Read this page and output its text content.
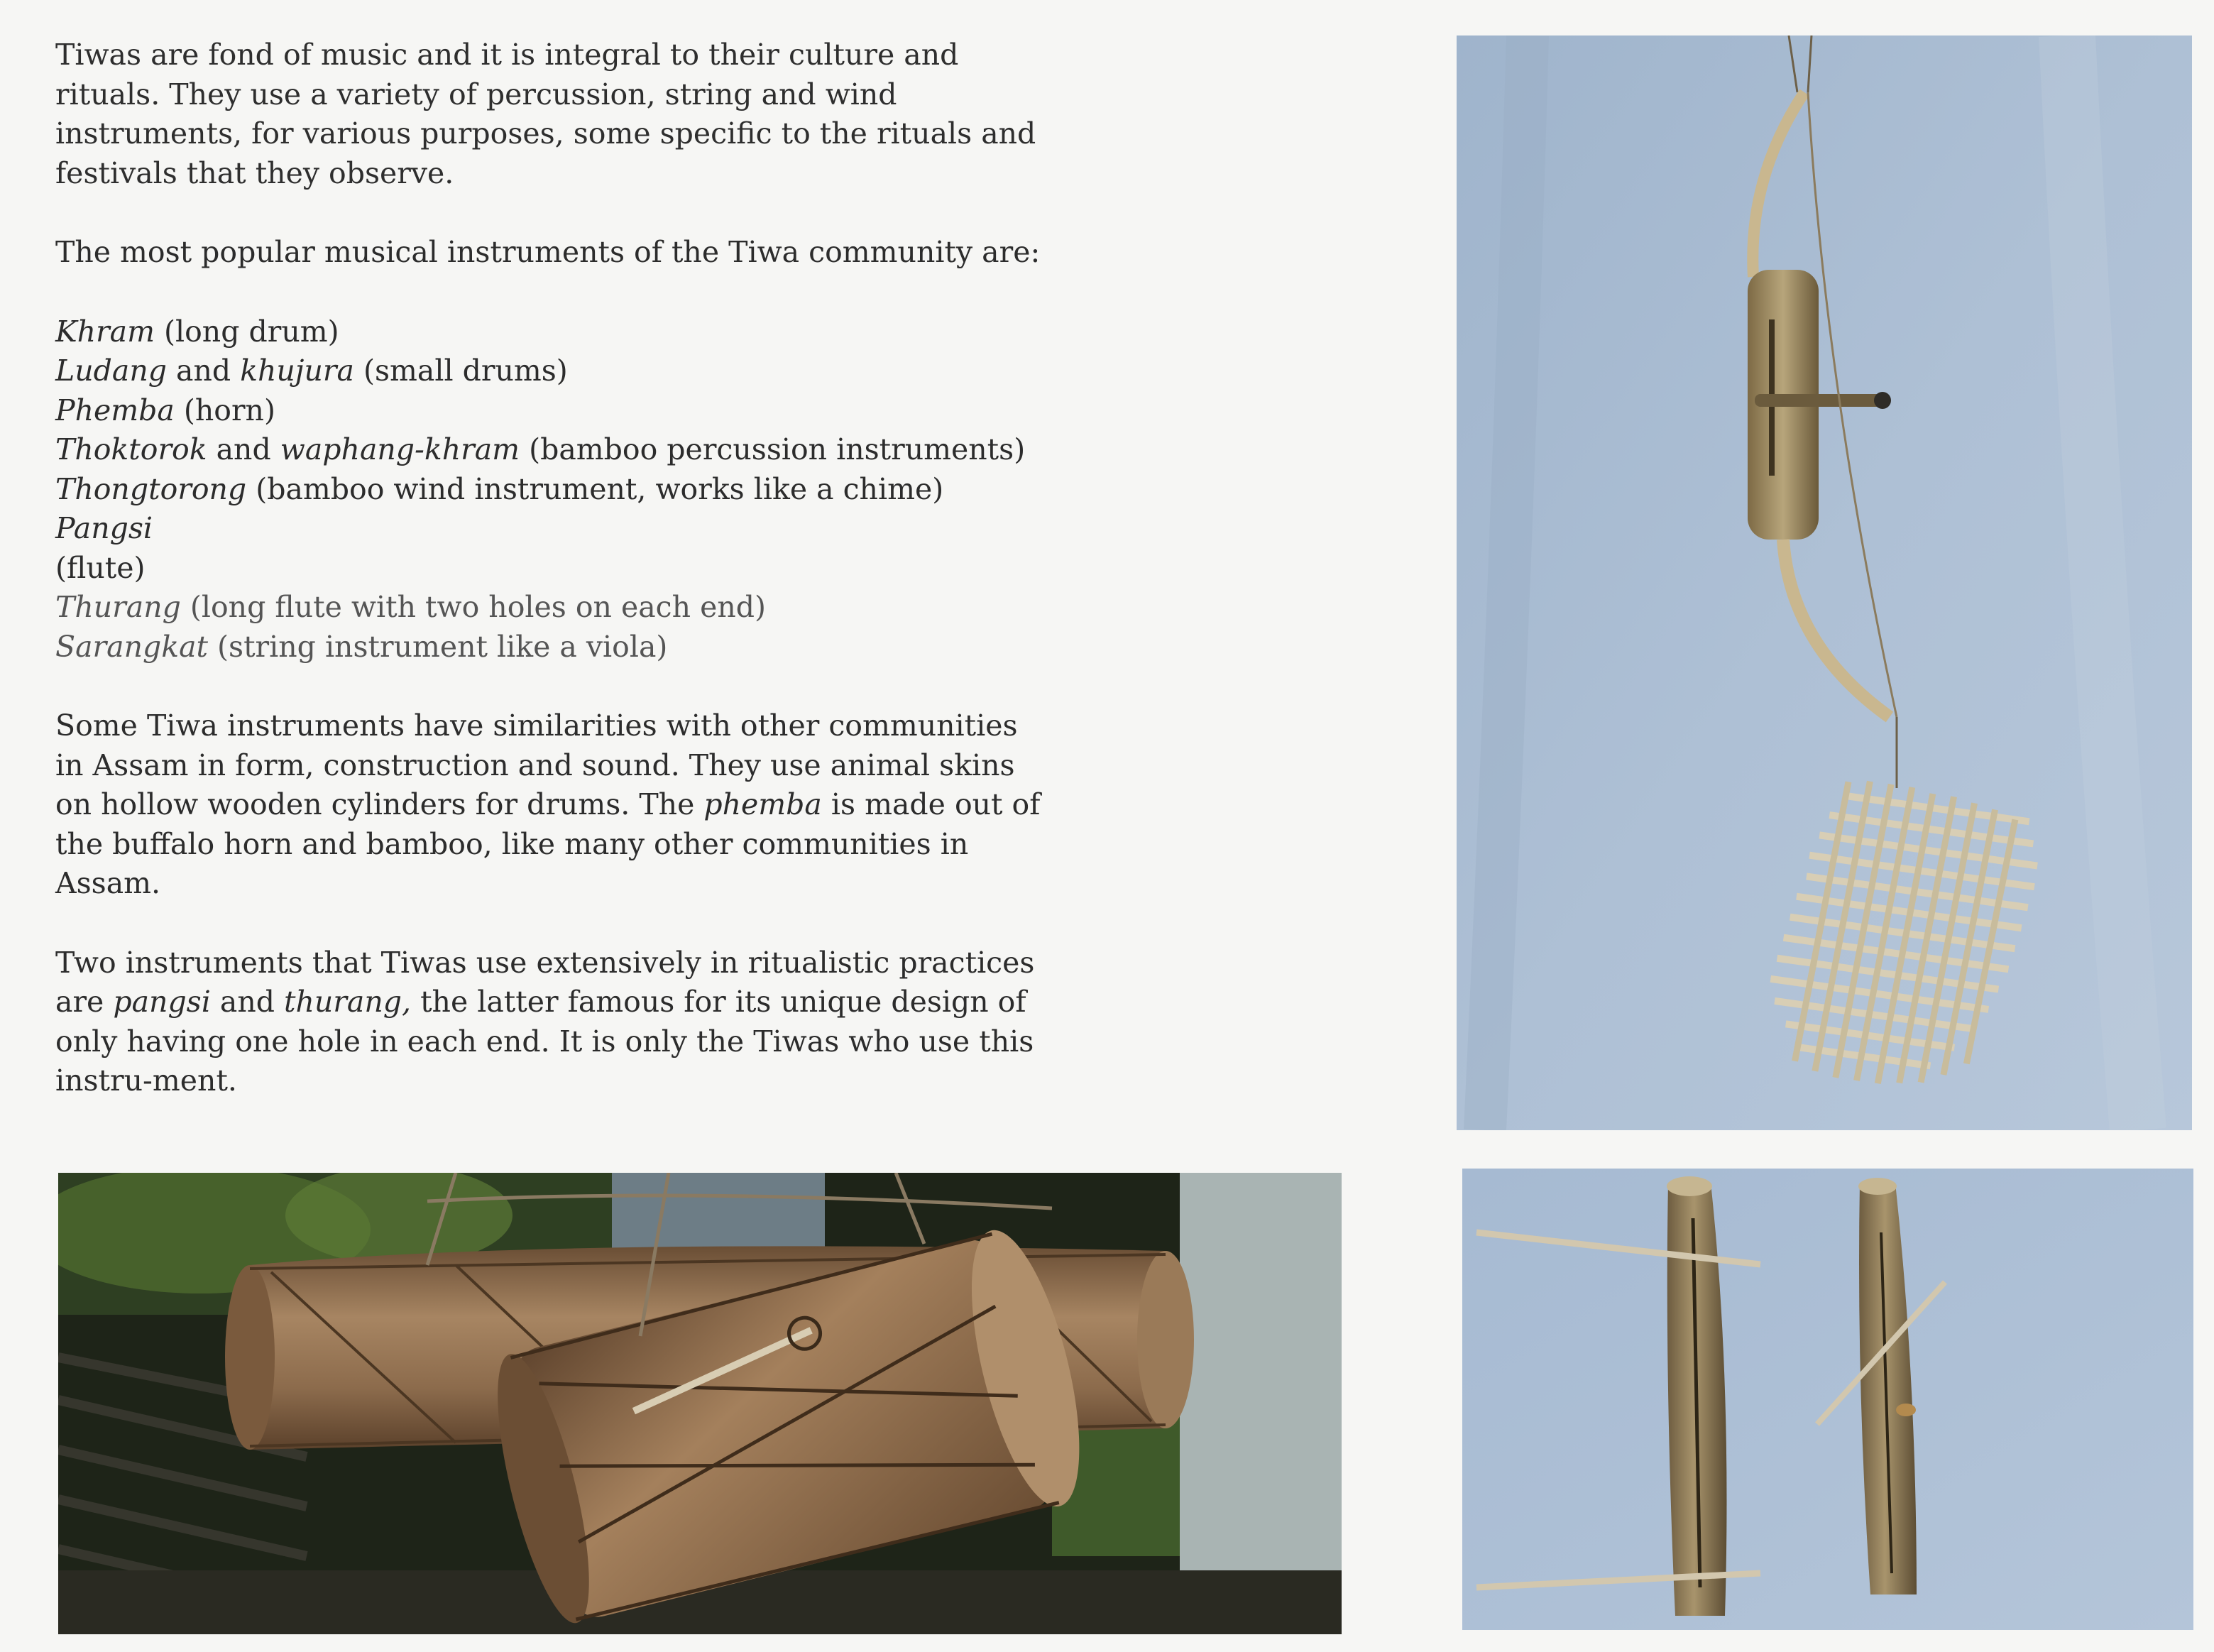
Tiwas are fond of music and it is integral to their culture and rituals. They use a variety of percussion, string and wind instruments, for various purposes, some specific to the rituals and festivals that they observe.

The most popular musical instruments of the Tiwa community are:

Khram (long drum)
Ludang and khujura (small drums)
Phemba (horn)
Thoktorok and waphang-khram (bamboo percussion instruments)
Thongtorong (bamboo wind instrument, works like a chime) Pangsi
(flute)
Thurang (long flute with two holes on each end)
Sarangkat (string instrument like a viola)

Some Tiwa instruments have similarities with other communities in Assam in form, construction and sound. They use animal skins on hollow wooden cylinders for drums. The phemba is made out of the buffalo horn and bamboo, like many other communities in Assam.

Two instruments that Tiwas use extensively in ritualistic practices are pangsi and thurang, the latter famous for its unique design of only having one hole in each end. It is only the Tiwas who use this instru-ment.
